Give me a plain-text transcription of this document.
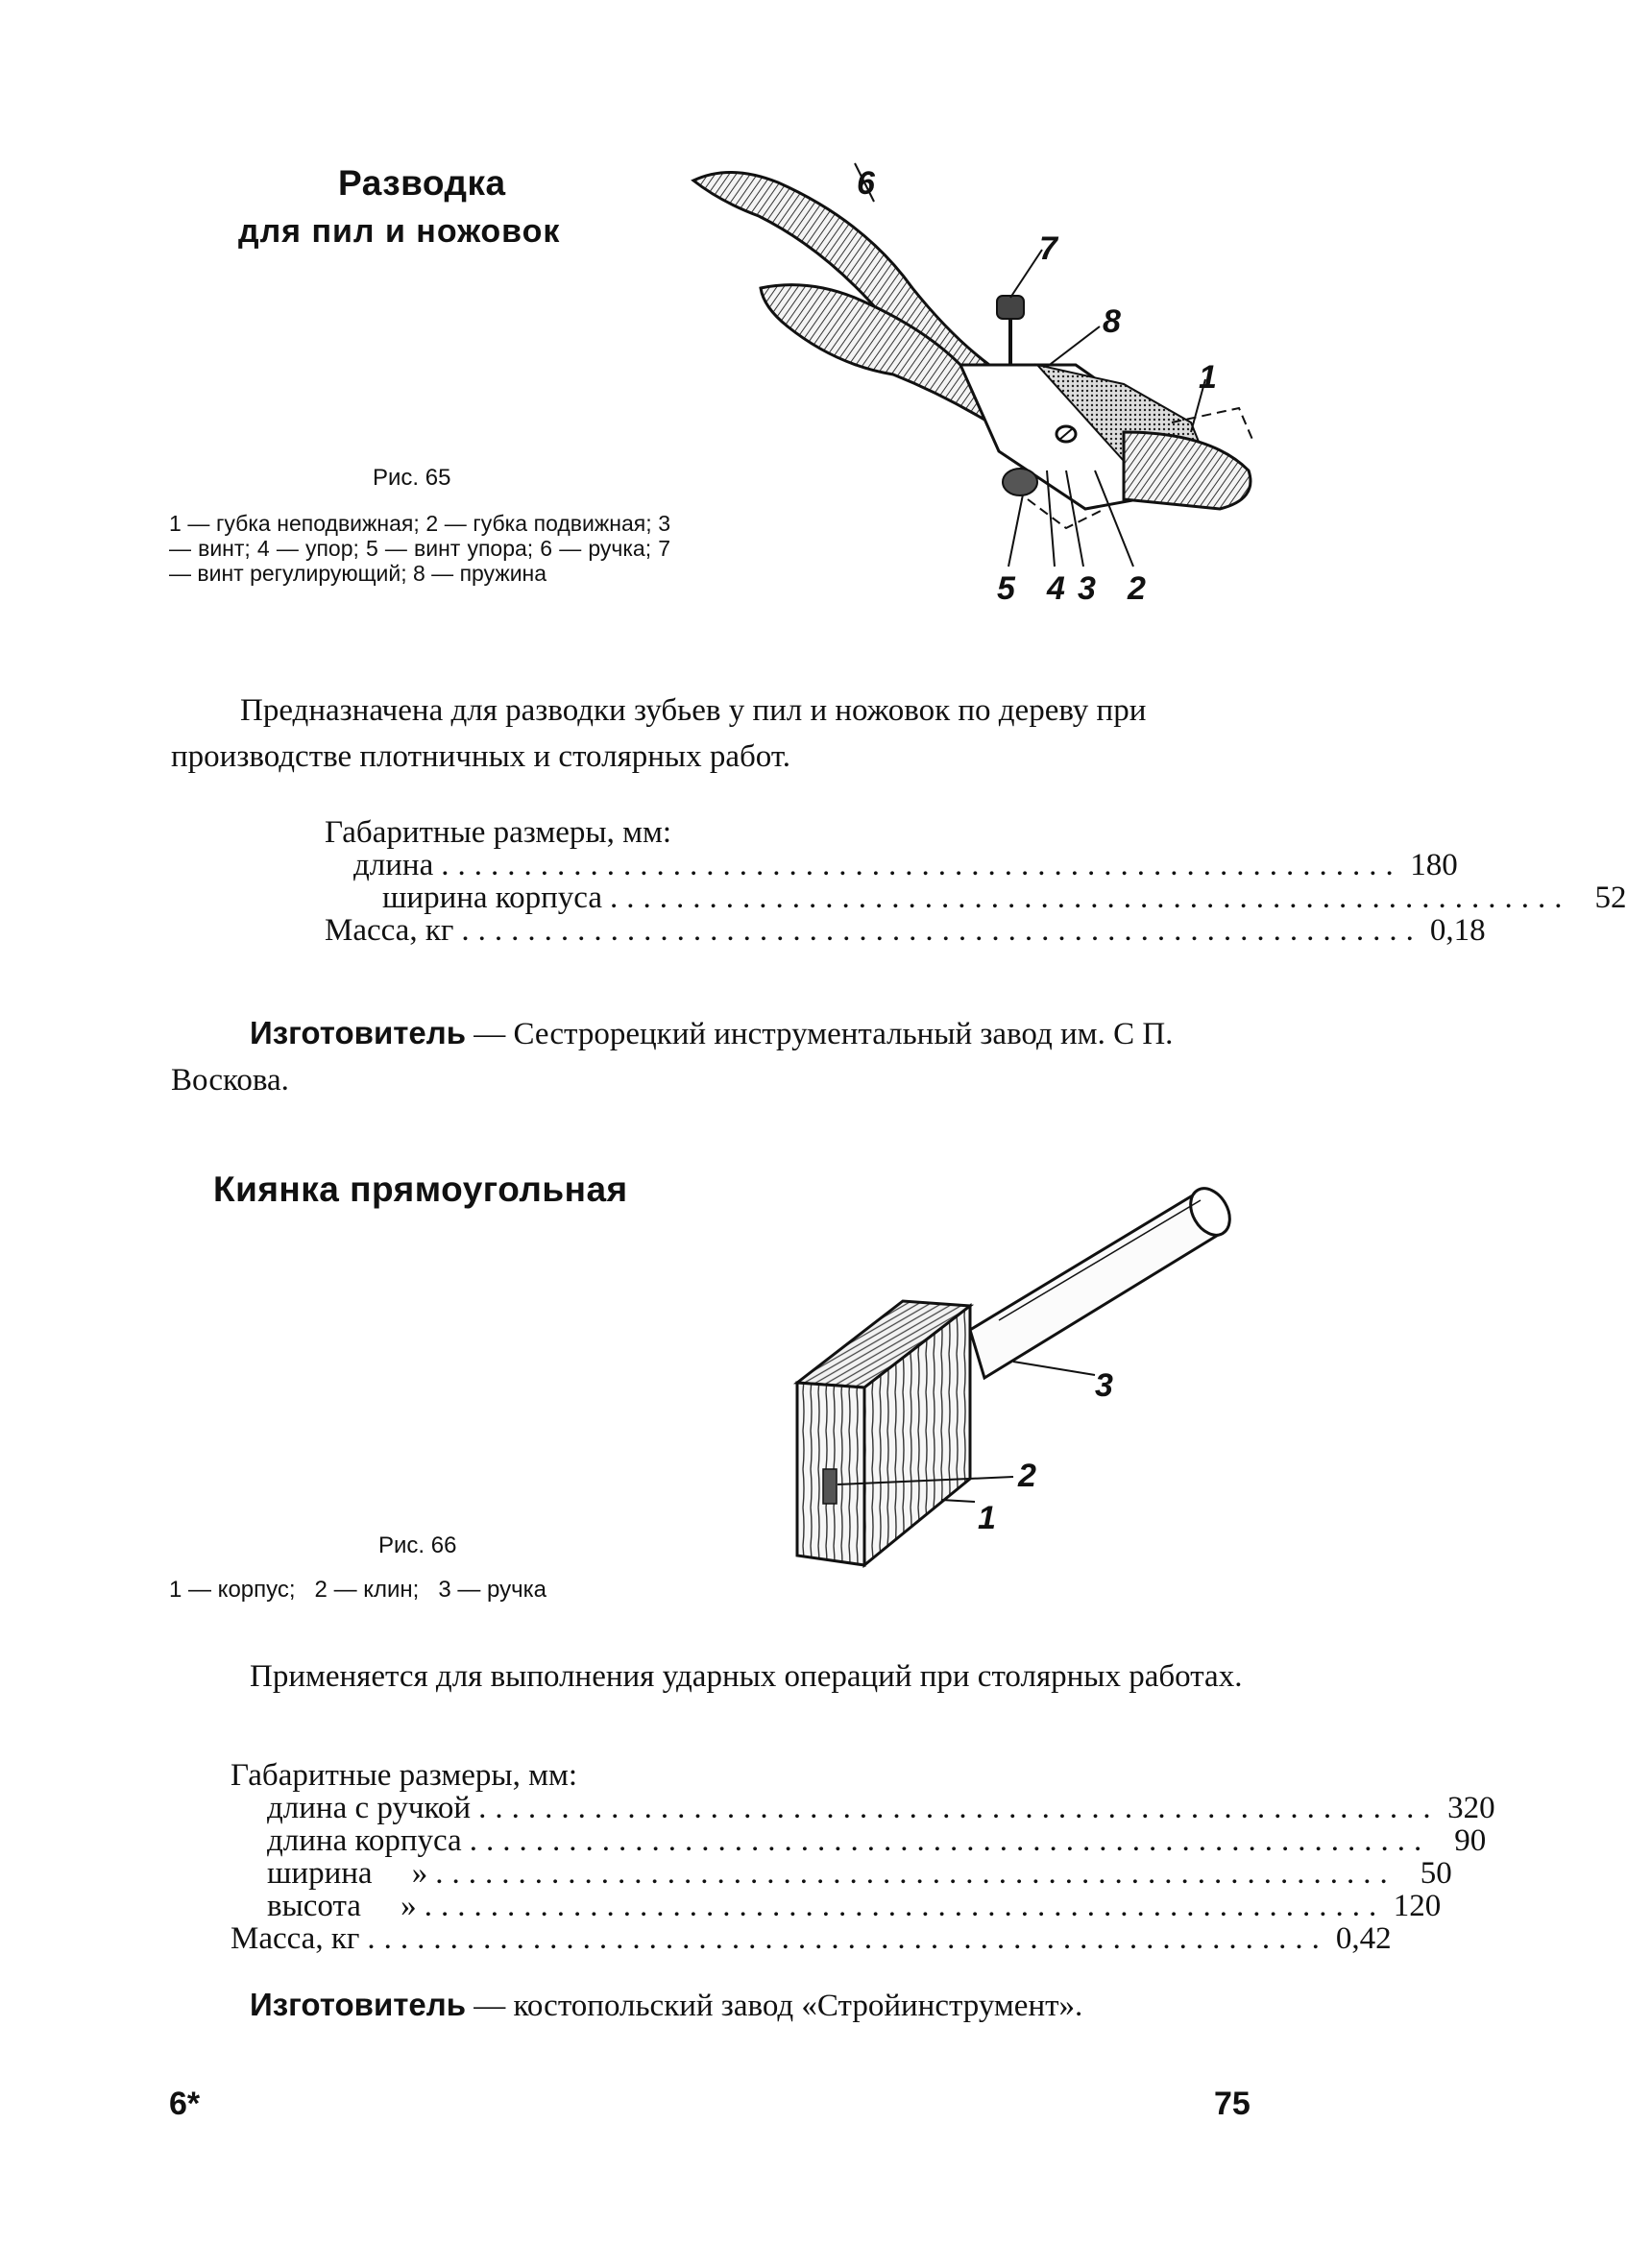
Разводка
для пил и ножовок
6
7
8
1
5 4 3 2
Рис. 65
1 — губка неподвижная; 2 — губка подвижная; 3 — винт; 4 — упор; 5 — винт упора; 6 — ручка; 7 — винт регулирующий; 8 — пружина
Предназначена для разводки зубьев у пил и ножовок по дереву при производстве плотничных и столярных работ.
Габаритные размеры, мм:
длина .......................................................... 180
ширина корпуса .......................................................... 52
Масса, кг .......................................................... 0,18
Изготовитель — Сестрорецкий инструментальный завод им. С П. Воскова.
Киянка прямоугольная
3
2
1
Рис. 66
1 — корпус;   2 — клин;   3 — ручка
Применяется для выполнения ударных операций при столярных работах.
Габаритные размеры, мм:
длина с ручкой .......................................................... 320
длина корпуса .......................................................... 90
ширина     » .......................................................... 50
высота     » .......................................................... 120
Масса, кг .......................................................... 0,42
Изготовитель — костопольский завод «Стройинструмент».
6*	75
